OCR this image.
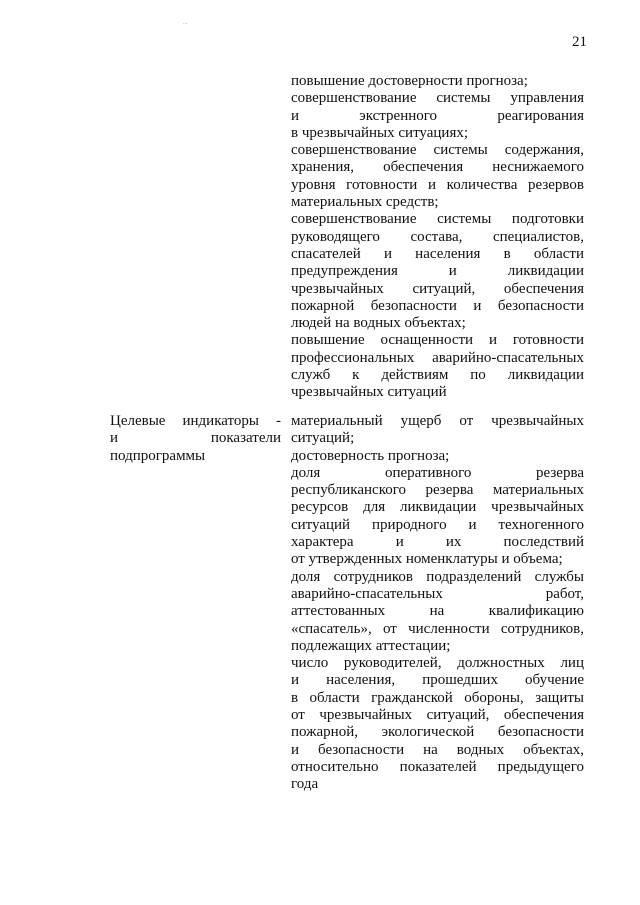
...
21
повышение достоверности прогноза;
совершенствование системы управления
и экстренного реагирования
в чрезвычайных ситуациях;
совершенствование системы содержания,
хранения, обеспечения неснижаемого
уровня готовности и количества резервов
материальных средств;
совершенствование системы подготовки
руководящего состава, специалистов,
спасателей и населения в области
предупреждения и ликвидации
чрезвычайных ситуаций, обеспечения
пожарной безопасности и безопасности
людей на водных объектах;
повышение оснащенности и готовности
профессиональных аварийно-спасательных
служб к действиям по ликвидации
чрезвычайных ситуаций
Целевые индикаторы -
и показатели
подпрограммы
материальный ущерб от чрезвычайных
ситуаций;
достоверность прогноза;
доля оперативного резерва
республиканского резерва материальных
ресурсов для ликвидации чрезвычайных
ситуаций природного и техногенного
характера и их последствий
от утвержденных номенклатуры и объема;
доля сотрудников подразделений службы
аварийно-спасательных работ,
аттестованных на квалификацию
«спасатель», от численности сотрудников,
подлежащих аттестации;
число руководителей, должностных лиц
и населения, прошедших обучение
в области гражданской обороны, защиты
от чрезвычайных ситуаций, обеспечения
пожарной, экологической безопасности
и безопасности на водных объектах,
относительно показателей предыдущего
года
